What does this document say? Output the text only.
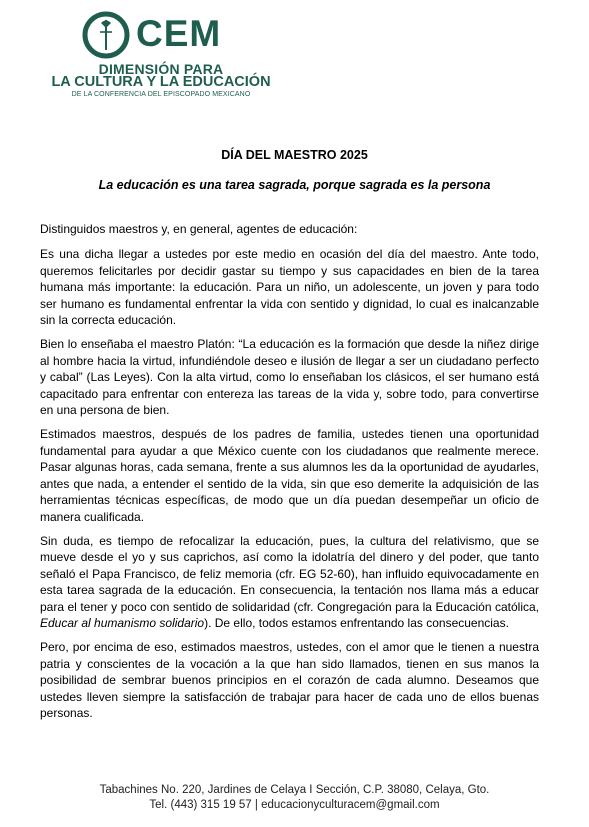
CEM
DIMENSIÓN PARA
LA CULTURA Y LA EDUCACIÓN
DE LA CONFERENCIA DEL EPISCOPADO MEXICANO
DÍA DEL MAESTRO 2025
La educación es una tarea sagrada, porque sagrada es la persona

Distinguidos maestros y, en general, agentes de educación:

Es una dicha llegar a ustedes por este medio en ocasión del día del maestro. Ante todo, queremos felicitarles por decidir gastar su tiempo y sus capacidades en bien de la tarea humana más importante: la educación. Para un niño, un adolescente, un joven y para todo ser humano es fundamental enfrentar la vida con sentido y dignidad, lo cual es inalcanzable sin la correcta educación.

Bien lo enseñaba el maestro Platón: “La educación es la formación que desde la niñez dirige al hombre hacia la virtud, infundiéndole deseo e ilusión de llegar a ser un ciudadano perfecto y cabal” (Las Leyes). Con la alta virtud, como lo enseñaban los clásicos, el ser humano está capacitado para enfrentar con entereza las tareas de la vida y, sobre todo, para convertirse en una persona de bien.

Estimados maestros, después de los padres de familia, ustedes tienen una oportunidad fundamental para ayudar a que México cuente con los ciudadanos que realmente merece. Pasar algunas horas, cada semana, frente a sus alumnos les da la oportunidad de ayudarles, antes que nada, a entender el sentido de la vida, sin que eso demerite la adquisición de las herramientas técnicas específicas, de modo que un día puedan desempeñar un oficio de manera cualificada.

Sin duda, es tiempo de refocalizar la educación, pues, la cultura del relativismo, que se mueve desde el yo y sus caprichos, así como la idolatría del dinero y del poder, que tanto señaló el Papa Francisco, de feliz memoria (cfr. EG 52-60), han influido equivocadamente en esta tarea sagrada de la educación. En consecuencia, la tentación nos llama más a educar para el tener y poco con sentido de solidaridad (cfr. Congregación para la Educación católica, Educar al humanismo solidario). De ello, todos estamos enfrentando las consecuencias.

Pero, por encima de eso, estimados maestros, ustedes, con el amor que le tienen a nuestra patria y conscientes de la vocación a la que han sido llamados, tienen en sus manos la posibilidad de sembrar buenos principios en el corazón de cada alumno. Deseamos que ustedes lleven siempre la satisfacción de trabajar para hacer de cada uno de ellos buenas personas.

Tabachines No. 220, Jardines de Celaya I Sección, C.P. 38080, Celaya, Gto.
Tel. (443) 315 19 57 | educacionyculturacem@gmail.com
